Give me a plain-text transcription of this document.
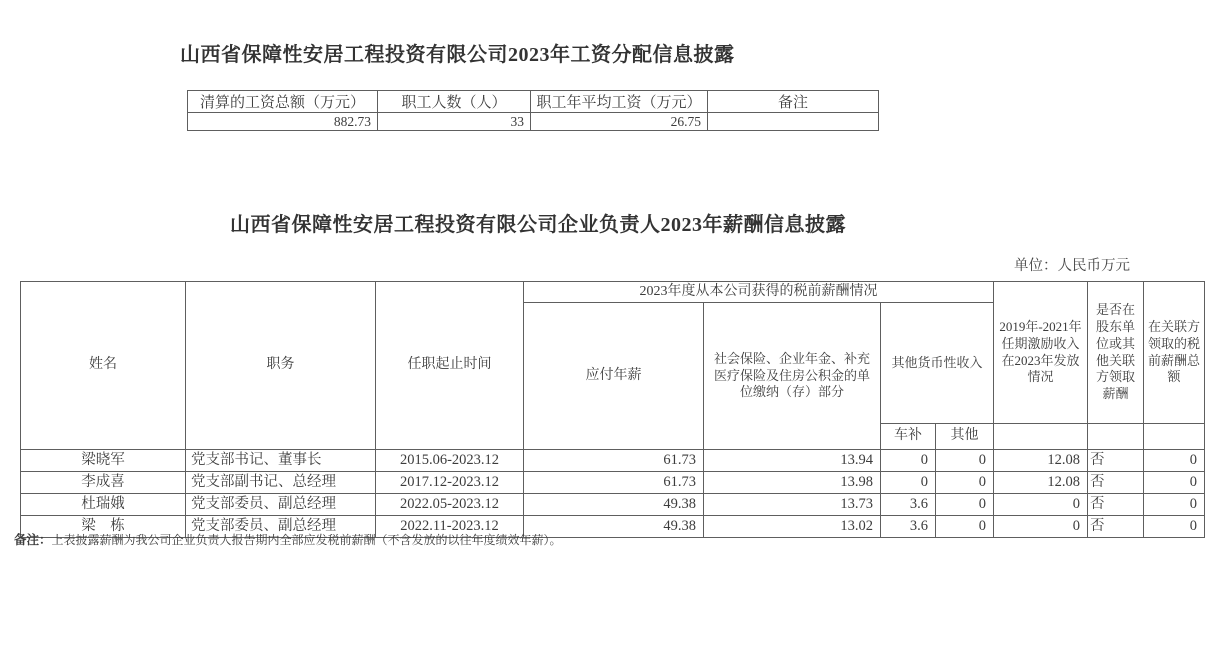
山西省保障性安居工程投资有限公司2023年工资分配信息披露
清算的工资总额（万元）	职工人数（人）	职工年平均工资（万元）	备注
882.73	33	26.75	
山西省保障性安居工程投资有限公司企业负责人2023年薪酬信息披露
单位：人民币万元
姓名	职务	任职起止时间	2023年度从本公司获得的税前薪酬情况				2019年-2021年任期激励收入在2023年发放情况	是否在股东单位或其他关联方领取薪酬	在关联方领取的税前薪酬总额
			应付年薪	社会保险、企业年金、补充医疗保险及住房公积金的单位缴纳（存）部分	其他货币性收入				
					车补	其他			
梁晓军	党支部书记、董事长	2015.06-2023.12	61.73	13.94	0	0	12.08	否	0
李成喜	党支部副书记、总经理	2017.12-2023.12	61.73	13.98	0	0	12.08	否	0
杜瑞娥	党支部委员、副总经理	2022.05-2023.12	49.38	13.73	3.6	0	0	否	0
梁　栋	党支部委员、副总经理	2022.11-2023.12	49.38	13.02	3.6	0	0	否	0
备注：上表披露薪酬为我公司企业负责人报告期内全部应发税前薪酬（不含发放的以往年度绩效年薪）。
